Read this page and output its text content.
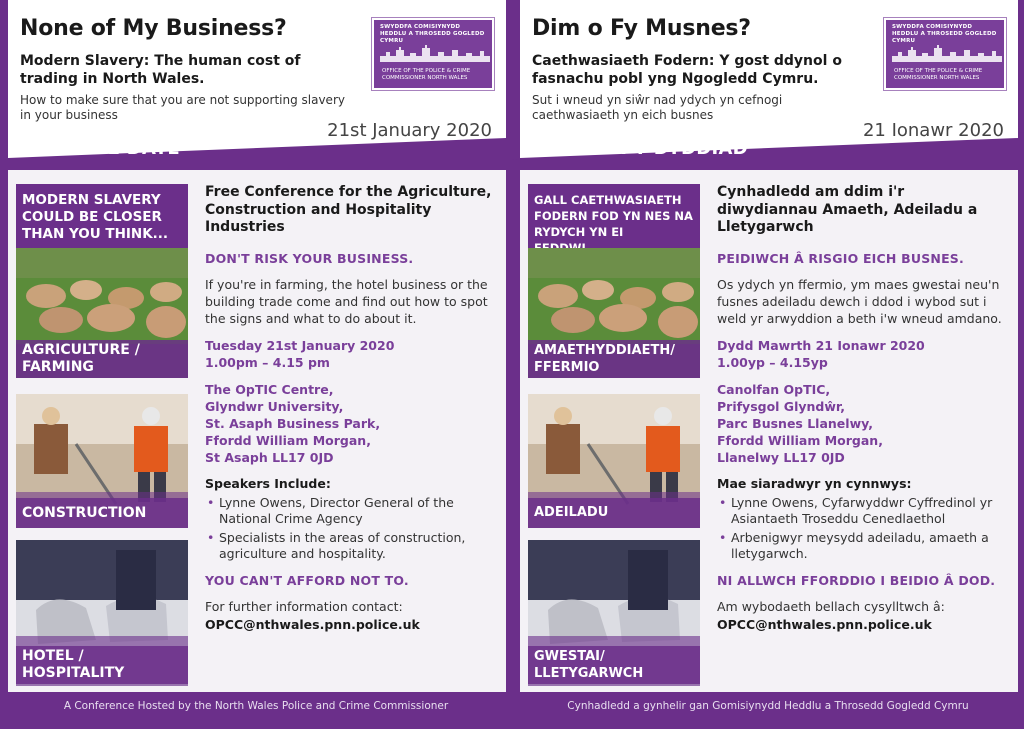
None of My Business?
Modern Slavery: The human cost of trading in North Wales.
How to make sure that you are not supporting slavery in your business
SWYDDFA COMISIYNYDD HEDDLU A THROSEDD GOGLEDD CYMRU
OFFICE OF THE POLICE & CRIME
COMMISSIONER NORTH WALES
SAVE THE DATE
21st January 2020
MODERN SLAVERY COULD BE CLOSER THAN YOU THINK...
AGRICULTURE / FARMING
CONSTRUCTION
HOTEL / HOSPITALITY
Free Conference for the Agriculture, Construction and Hospitality Industries
DON'T RISK YOUR BUSINESS.
If you're in farming, the hotel business or the building trade come and find out how to spot the signs and what to do about it.
Tuesday 21st January 2020
1.00pm – 4.15 pm
The OpTIC Centre,
Glyndwr University,
St. Asaph Business Park,
Ffordd William Morgan,
St Asaph LL17 0JD
Speakers Include:
• Lynne Owens, Director General of the National Crime Agency
• Specialists in the areas of construction, agriculture and hospitality.
YOU CAN'T AFFORD NOT TO.
For further information contact:
OPCC@nthwales.pnn.police.uk
A Conference Hosted by the North Wales Police and Crime Commissioner
Dim o Fy Musnes?
Caethwasiaeth Fodern: Y gost ddynol o fasnachu pobl yng Ngogledd Cymru.
Sut i wneud yn siŵr nad ydych yn cefnogi caethwasiaeth yn eich busnes
SWYDDFA COMISIYNYDD HEDDLU A THROSEDD GOGLEDD CYMRU
OFFICE OF THE POLICE & CRIME
COMMISSIONER NORTH WALES
NODWCH Y DYDDIAD
21 Ionawr 2020
GALL CAETHWASIAETH FODERN FOD YN NES NA RYDYCH YN EI
AMAETHYDDIAETH/ FFERMIO
ADEILADU
GWESTAI/ LLETYGARWCH
Cynhadledd am ddim i'r diwydiannau Amaeth, Adeiladu a Lletygarwch
PEIDIWCH Â RISGIO EICH BUSNES.
Os ydych yn ffermio, ym maes gwestai neu'n fusnes adeiladu dewch i ddod i wybod sut i weld yr arwyddion a beth i'w wneud amdano.
Dydd Mawrth 21 Ionawr 2020
1.00yp – 4.15yp
Canolfan OpTIC,
Prifysgol Glyndŵr,
Parc Busnes Llanelwy,
Ffordd William Morgan,
Llanelwy LL17 0JD
Mae siaradwyr yn cynnwys:
• Lynne Owens, Cyfarwyddwr Cyffredinol yr Asiantaeth Troseddu Cenedlaethol
• Arbenigwyr meysydd adeiladu, amaeth a lletygarwch.
NI ALLWCH FFORDDIO I BEIDIO Â DOD.
Am wybodaeth bellach cysylltwch â:
OPCC@nthwales.pnn.police.uk
Cynhadledd a gynhelir gan Gomisiynydd Heddlu a Throsedd Gogledd Cymru
